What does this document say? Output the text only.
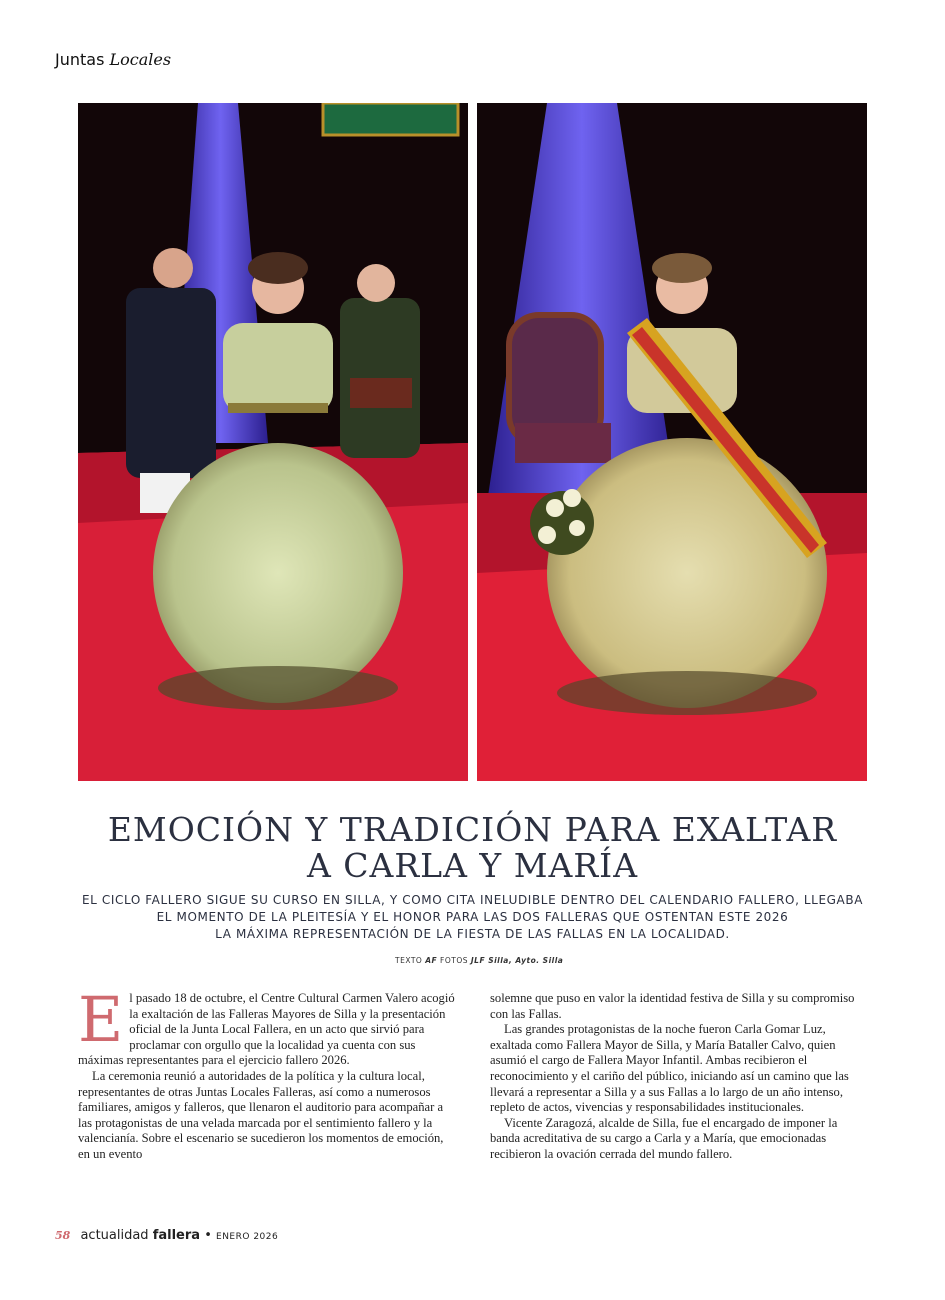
Juntas Locales
EMOCIÓN Y TRADICIÓN PARA EXALTAR
A CARLA Y MARÍA

EL CICLO FALLERO SIGUE SU CURSO EN SILLA, Y COMO CITA INELUDIBLE DENTRO DEL CALENDARIO FALLERO, LLEGABA
EL MOMENTO DE LA PLEITESÍA Y EL HONOR PARA LAS DOS FALLERAS QUE OSTENTAN ESTE 2026
LA MÁXIMA REPRESENTACIÓN DE LA FIESTA DE LAS FALLAS EN LA LOCALIDAD.

TEXTO AF FOTOS JLF Silla, Ayto. Silla

El pasado 18 de octubre, el Centre Cultural Carmen Valero acogió la exaltación de las Falleras Mayores de Silla y la presentación oficial de la Junta Local Fallera, en un acto que sirvió para proclamar con orgullo que la localidad ya cuenta con sus máximas representantes para el ejercicio fallero 2026.

La ceremonia reunió a autoridades de la política y la cultura local, representantes de otras Juntas Locales Falleras, así como a numerosos familiares, amigos y falleros, que llenaron el auditorio para acompañar a las protagonistas de una velada marcada por el sentimiento fallero y la valencianía. Sobre el escenario se sucedieron los momentos de emoción, en un evento

solemne que puso en valor la identidad festiva de Silla y su compromiso con las Fallas.

Las grandes protagonistas de la noche fueron Carla Gomar Luz, exaltada como Fallera Mayor de Silla, y María Bataller Calvo, quien asumió el cargo de Fallera Mayor Infantil. Ambas recibieron el reconocimiento y el cariño del público, iniciando así un camino que las llevará a representar a Silla y a sus Fallas a lo largo de un año intenso, repleto de actos, vivencias y responsabilidades institucionales.

Vicente Zaragozá, alcalde de Silla, fue el encargado de imponer la banda acreditativa de su cargo a Carla y a María, que emocionadas recibieron la ovación cerrada del mundo fallero.

58 actualidad fallera • ENERO 2026
